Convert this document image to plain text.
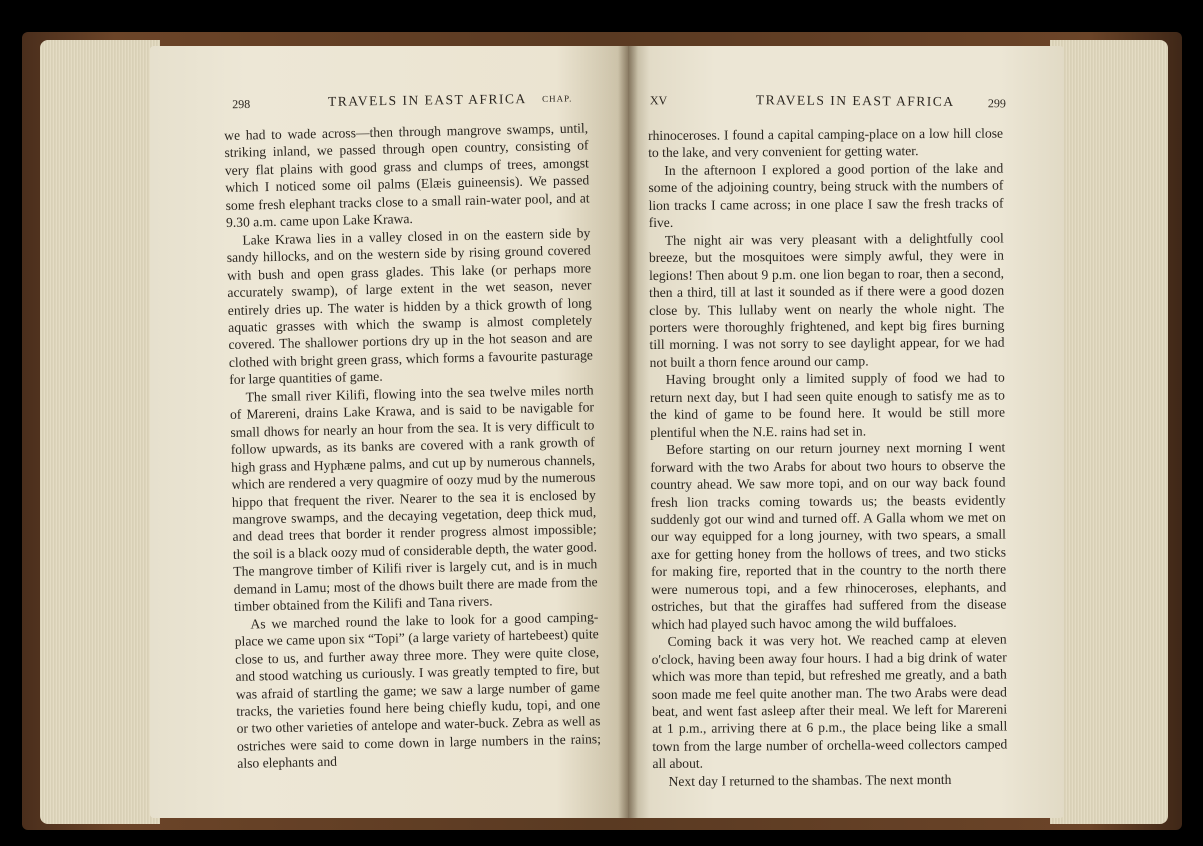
298	TRAVELS IN EAST AFRICA CHAP.

we had to wade across—then through mangrove swamps, until, striking inland, we passed through open country, consisting of very flat plains with good grass and clumps of trees, amongst which I noticed some oil palms (Elæis guineensis). We passed some fresh elephant tracks close to a small rain-water pool, and at 9.30 a.m. came upon Lake Krawa.

Lake Krawa lies in a valley closed in on the eastern side by sandy hillocks, and on the western side by rising ground covered with bush and open grass glades. This lake (or perhaps more accurately swamp), of large extent in the wet season, never entirely dries up. The water is hidden by a thick growth of long aquatic grasses with which the swamp is almost completely covered. The shallower portions dry up in the hot season and are clothed with bright green grass, which forms a favourite pasturage for large quantities of game.

The small river Kilifi, flowing into the sea twelve miles north of Marereni, drains Lake Krawa, and is said to be navigable for small dhows for nearly an hour from the sea. It is very difficult to follow upwards, as its banks are covered with a rank growth of high grass and Hyphæne palms, and cut up by numerous channels, which are rendered a very quagmire of oozy mud by the numerous hippo that frequent the river. Nearer to the sea it is enclosed by mangrove swamps, and the decaying vegetation, deep thick mud, and dead trees that border it render progress almost impossible; the soil is a black oozy mud of considerable depth, the water good. The mangrove timber of Kilifi river is largely cut, and is in much demand in Lamu; most of the dhows built there are made from the timber obtained from the Kilifi and Tana rivers.

As we marched round the lake to look for a good camping-place we came upon six “Topi” (a large variety of hartebeest) quite close to us, and further away three more. They were quite close, and stood watching us curiously. I was greatly tempted to fire, but was afraid of startling the game; we saw a large number of game tracks, the varieties found here being chiefly kudu, topi, and one or two other varieties of antelope and water-buck. Zebra as well as ostriches were said to come down in large numbers in the rains; also elephants and

XV	TRAVELS IN EAST AFRICA	299

rhinoceroses. I found a capital camping-place on a low hill close to the lake, and very convenient for getting water.

In the afternoon I explored a good portion of the lake and some of the adjoining country, being struck with the numbers of lion tracks I came across; in one place I saw the fresh tracks of five.

The night air was very pleasant with a delightfully cool breeze, but the mosquitoes were simply awful, they were in legions! Then about 9 p.m. one lion began to roar, then a second, then a third, till at last it sounded as if there were a good dozen close by. This lullaby went on nearly the whole night. The porters were thoroughly frightened, and kept big fires burning till morning. I was not sorry to see daylight appear, for we had not built a thorn fence around our camp.

Having brought only a limited supply of food we had to return next day, but I had seen quite enough to satisfy me as to the kind of game to be found here. It would be still more plentiful when the N.E. rains had set in.

Before starting on our return journey next morning I went forward with the two Arabs for about two hours to observe the country ahead. We saw more topi, and on our way back found fresh lion tracks coming towards us; the beasts evidently suddenly got our wind and turned off. A Galla whom we met on our way equipped for a long journey, with two spears, a small axe for getting honey from the hollows of trees, and two sticks for making fire, reported that in the country to the north there were numerous topi, and a few rhinoceroses, elephants, and ostriches, but that the giraffes had suffered from the disease which had played such havoc among the wild buffaloes.

Coming back it was very hot. We reached camp at eleven o'clock, having been away four hours. I had a big drink of water which was more than tepid, but refreshed me greatly, and a bath soon made me feel quite another man. The two Arabs were dead beat, and went fast asleep after their meal. We left for Marereni at 1 p.m., arriving there at 6 p.m., the place being like a small town from the large number of orchella-weed collectors camped all about.

Next day I returned to the shambas. The next month
